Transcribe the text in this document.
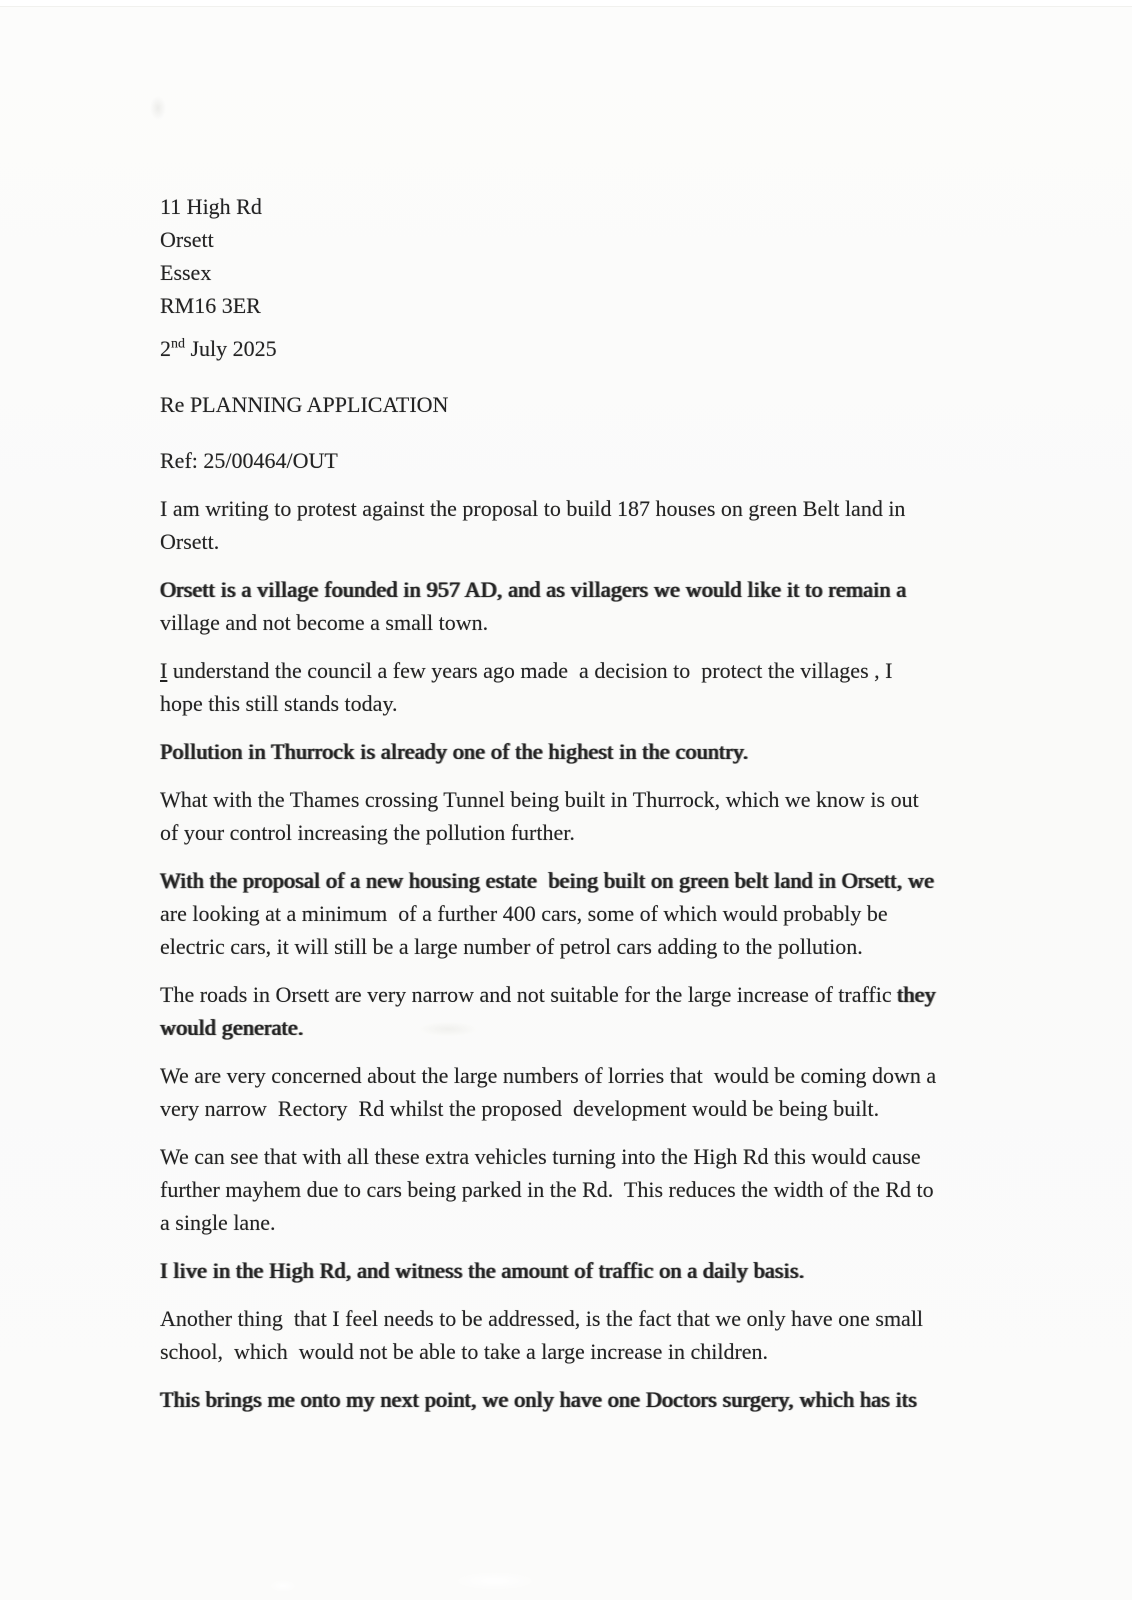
11 High Rd
Orsett
Essex
RM16 3ER
2nd July 2025
Re PLANNING APPLICATION
Ref: 25/00464/OUT

I am writing to protest against the proposal to build 187 houses on green Belt land in Orsett.

Orsett is a village founded in 957 AD, and as villagers we would like it to remain a village and not become a small town.

I understand the council a few years ago made  a decision to  protect the villages , I hope this still stands today.

Pollution in Thurrock is already one of the highest in the country.

What with the Thames crossing Tunnel being built in Thurrock, which we know is out of your control increasing the pollution further.

With the proposal of a new housing estate  being built on green belt land in Orsett, we are looking at a minimum  of a further 400 cars, some of which would probably be electric cars, it will still be a large number of petrol cars adding to the pollution.

The roads in Orsett are very narrow and not suitable for the large increase of traffic they would generate.

We are very concerned about the large numbers of lorries that  would be coming down a very narrow  Rectory  Rd whilst the proposed  development would be being built.

We can see that with all these extra vehicles turning into the High Rd this would cause further mayhem due to cars being parked in the Rd.  This reduces the width of the Rd to a single lane.

I live in the High Rd, and witness the amount of traffic on a daily basis.

Another thing  that I feel needs to be addressed, is the fact that we only have one small school,  which  would not be able to take a large increase in children.

This brings me onto my next point, we only have one Doctors surgery, which has its
